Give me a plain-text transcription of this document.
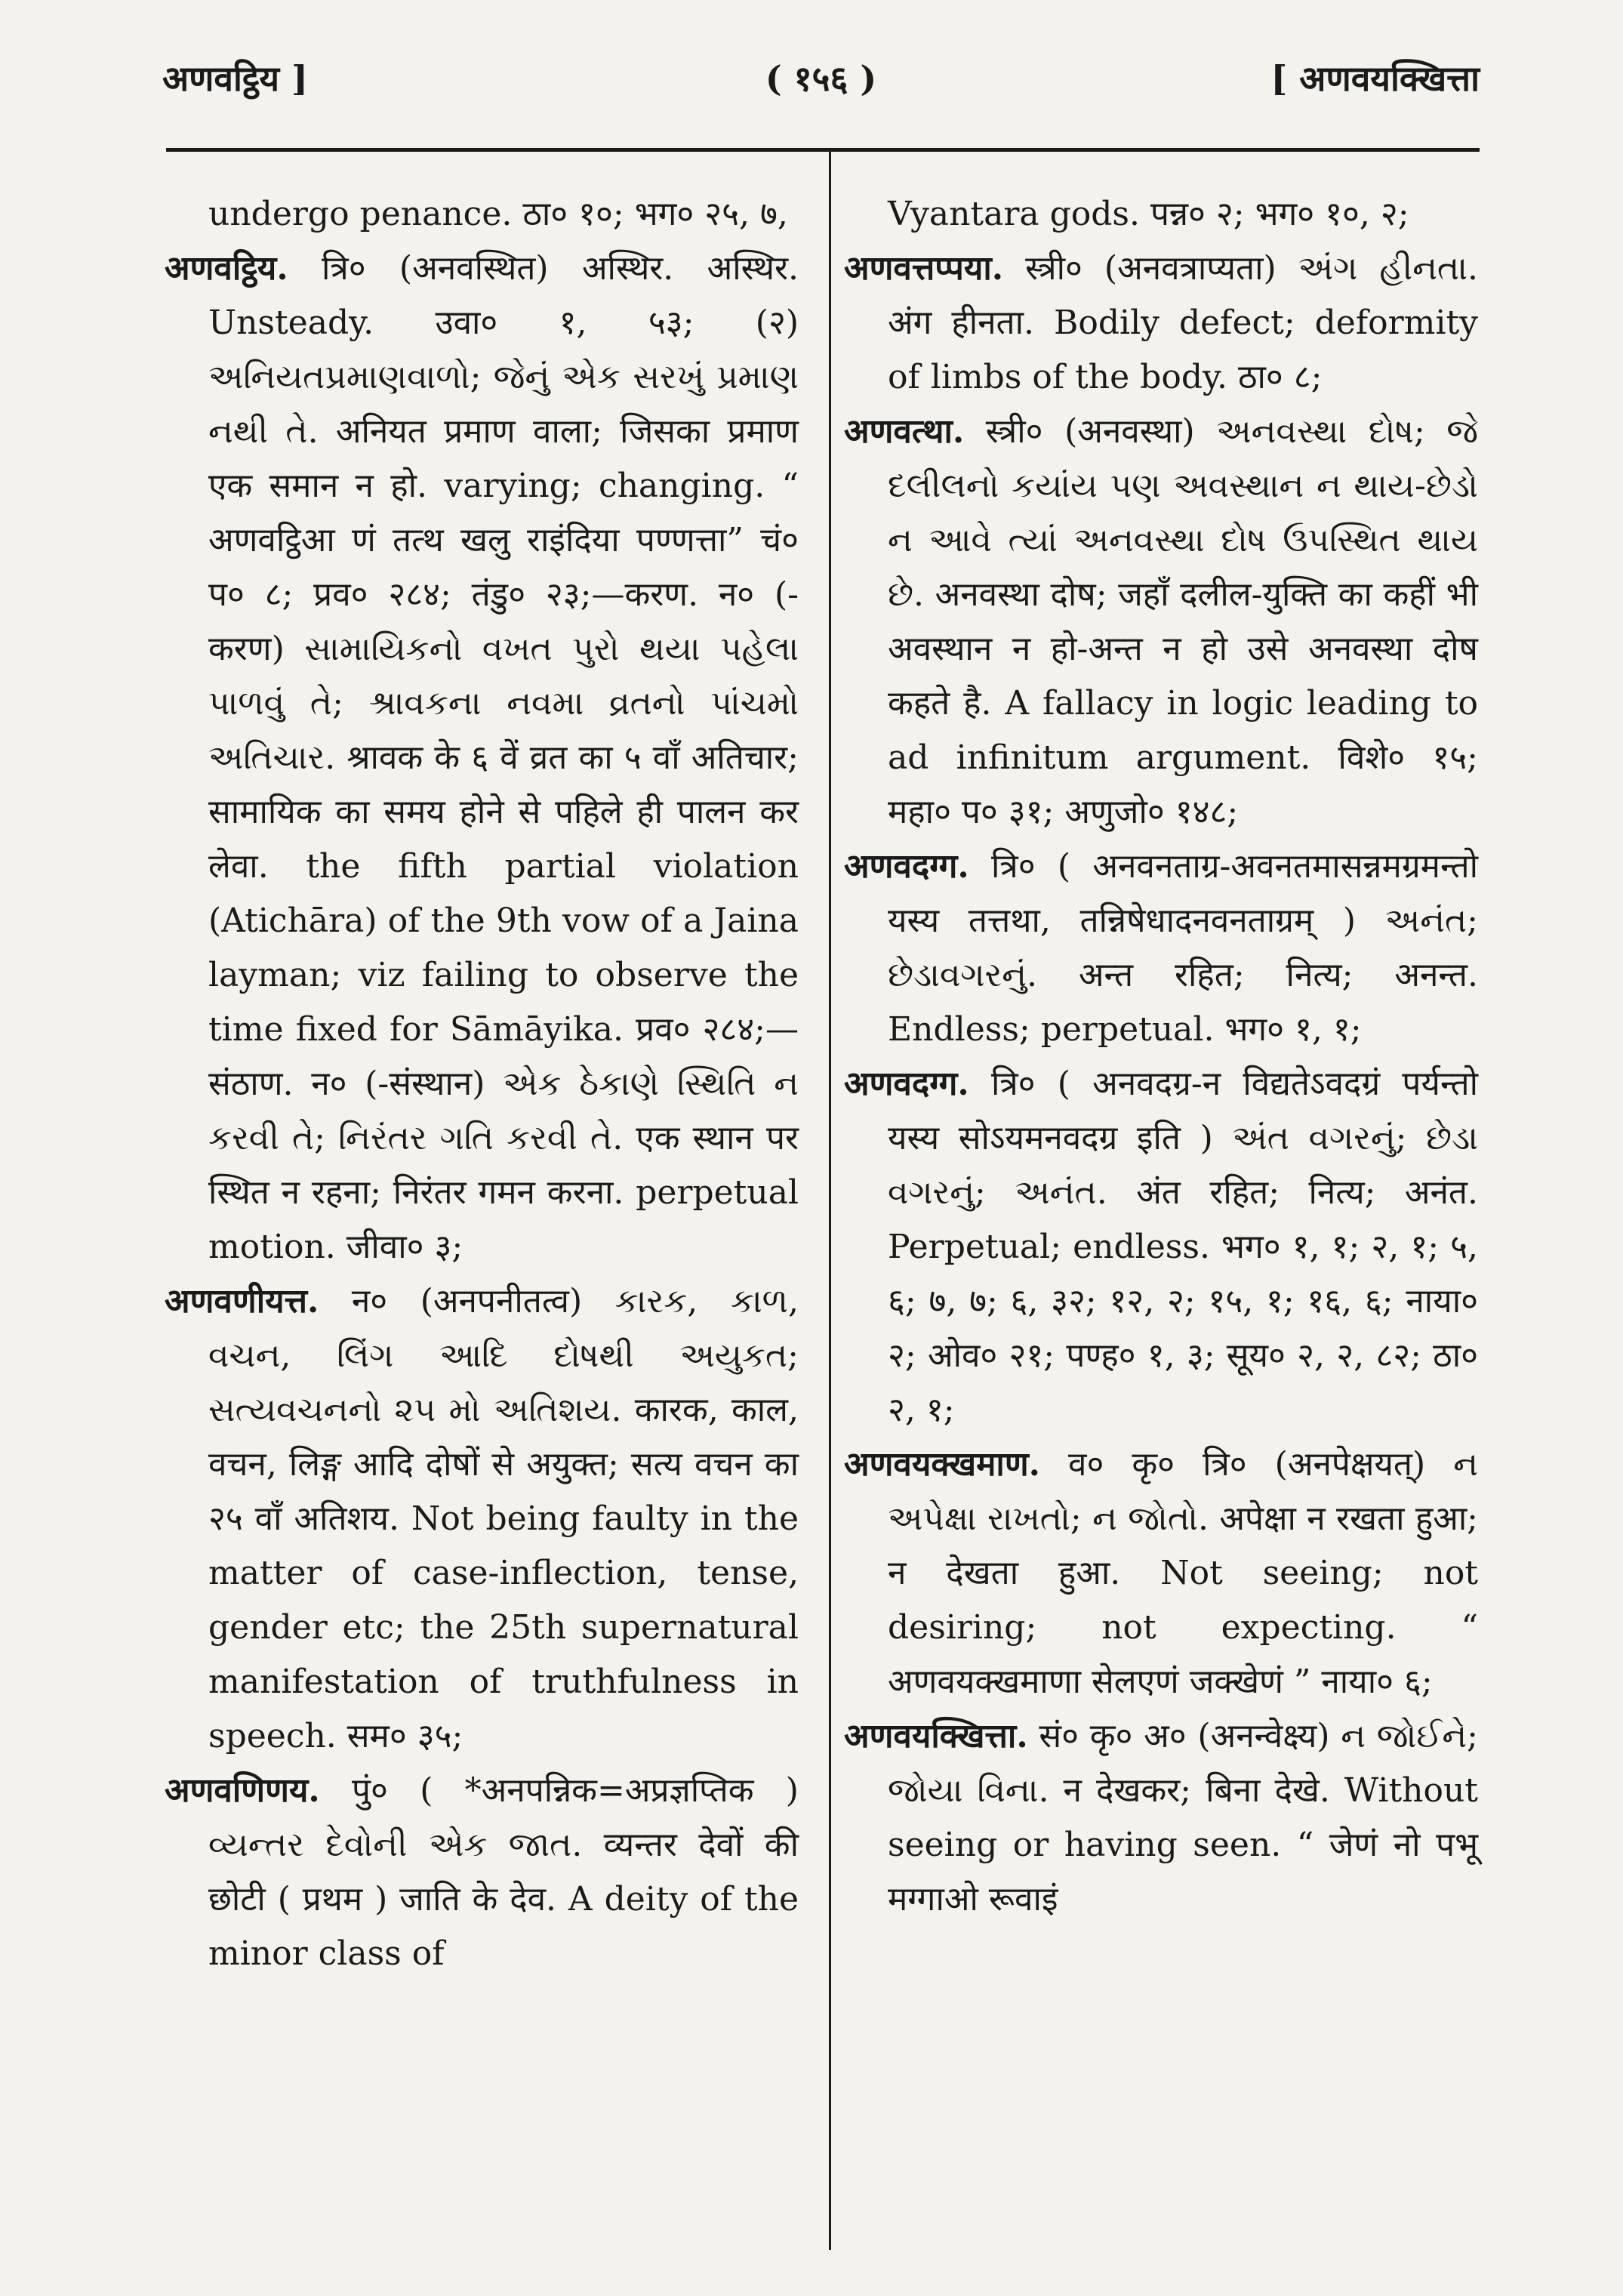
अणवट्ठिय ]	( १५६ )	[ अणवयक्खित्ता

undergo penance. ठा० १०; भग० २५, ७,

अणवट्ठिय. त्रि० (अनवस्थित) अस्थिर. अस्थिर. Unsteady. उवा० १, ५३; (२) અનિયતપ્રમાણવાળો; જેનું એક સરખું પ્રમાણ નથી તે. अनियत प्रमाण वाला; जिसका प्रमाण एक समान न हो. varying; changing. “ अणवट्ठिआ णं तत्थ खलु राइंदिया पण्णत्ता” चं० प० ८; प्रव० २८४; तंडु० २३;—करण. न० (-करण) સામાયિકનો વખત પુરો થયા પહેલા પાળવું તે; શ્રાવકના નવમા વ્રતનો પાંચમો અતિચાર. श्रावक के ६ वें व्रत का ५ वाँ अतिचार; सामायिक का समय होने से पहिले ही पालन कर लेवा. the fifth partial violation (Atichāra) of the 9th vow of a Jaina layman; viz failing to observe the time fixed for Sāmāyika. प्रव० २८४;—संठाण. न० (-संस्थान) એક ઠેકાણે સ્થિતિ ન કરવી તે; નિરંતર ગતિ કરવી તે. एक स्थान पर स्थित न रहना; निरंतर गमन करना. perpetual motion. जीवा० ३;

अणवणीयत्त. न० (अनपनीतत्व) કારક, કાળ, વચન, લિંગ આદિ દોષથી અયુકત; સત્યવચનનો ૨૫ મો અતિશય. कारक, काल, वचन, लिङ्ग आदि दोषों से अयुक्त; सत्य वचन का २५ वाँ अतिशय. Not being faulty in the matter of case-inflection, tense, gender etc; the 25th supernatural manifestation of truthfulness in speech. सम० ३५;

अणवणिणय. पुं० ( *अनपन्निक=अप्रज्ञप्तिक ) વ્યન્તર દેવોની એક જાત. व्यन्तर देवों की छोटी ( प्रथम ) जाति के देव. A deity of the minor class of

Vyantara gods. पन्न० २; भग० १०, २;

अणवत्तप्पया. स्त्री० (अनवत्राप्यता) અંગ હીનતા. अंग हीनता. Bodily defect; deformity of limbs of the body. ठा० ८;

अणवत्था. स्त्री० (अनवस्था) અનવસ્થા દોષ; જે દલીલનો કયાંય પણ અવસ્થાન ન થાય-છેડો ન આવે ત્યાં અનવસ્થા દોષ ઉપસ્થિત થાય છે. अनवस्था दोष; जहाँ दलील-युक्ति का कहीं भी अवस्थान न हो-अन्त न हो उसे अनवस्था दोष कहते है. A fallacy in logic leading to ad infinitum argument. विशे० १५; महा० प० ३१; अणुजो० १४८;

अणवदग्ग. त्रि० ( अनवनताग्र-अवनतमासन्नमग्रमन्तो यस्य तत्तथा, तन्निषेधादनवनताग्रम् ) અનંત; છેડાવગરનું. अन्त रहित; नित्य; अनन्त. Endless; perpetual. भग० १, १;

अणवदग्ग. त्रि० ( अनवदग्र-न विद्यतेऽवदग्रं पर्यन्तो यस्य सोऽयमनवदग्र इति ) અંત વગરનું; છેડા વગરનું; અનંત. अंत रहित; नित्य; अनंत. Perpetual; endless. भग० १, १; २, १; ५, ६; ७, ७; ६, ३२; १२, २; १५, १; १६, ६; नाया० २; ओव० २१; पण्ह० १, ३; सूय० २, २, ८२; ठा० २, १;

अणवयक्खमाण. व० कृ० त्रि० (अनपेक्षयत्) ન અપેક્ષા રાખતો; ન જોતો. अपेक्षा न रखता हुआ; न देखता हुआ. Not seeing; not desiring; not expecting. “ अणवयक्खमाणा सेलएणं जक्खेणं ” नाया० ६;

अणवयक्खित्ता. सं० कृ० अ० (अनन्वेक्ष्य) ન જોઈને; જોયા વિના. न देखकर; बिना देखे. Without seeing or having seen. “ जेणं नो पभू मग्गाओ रूवाइं
